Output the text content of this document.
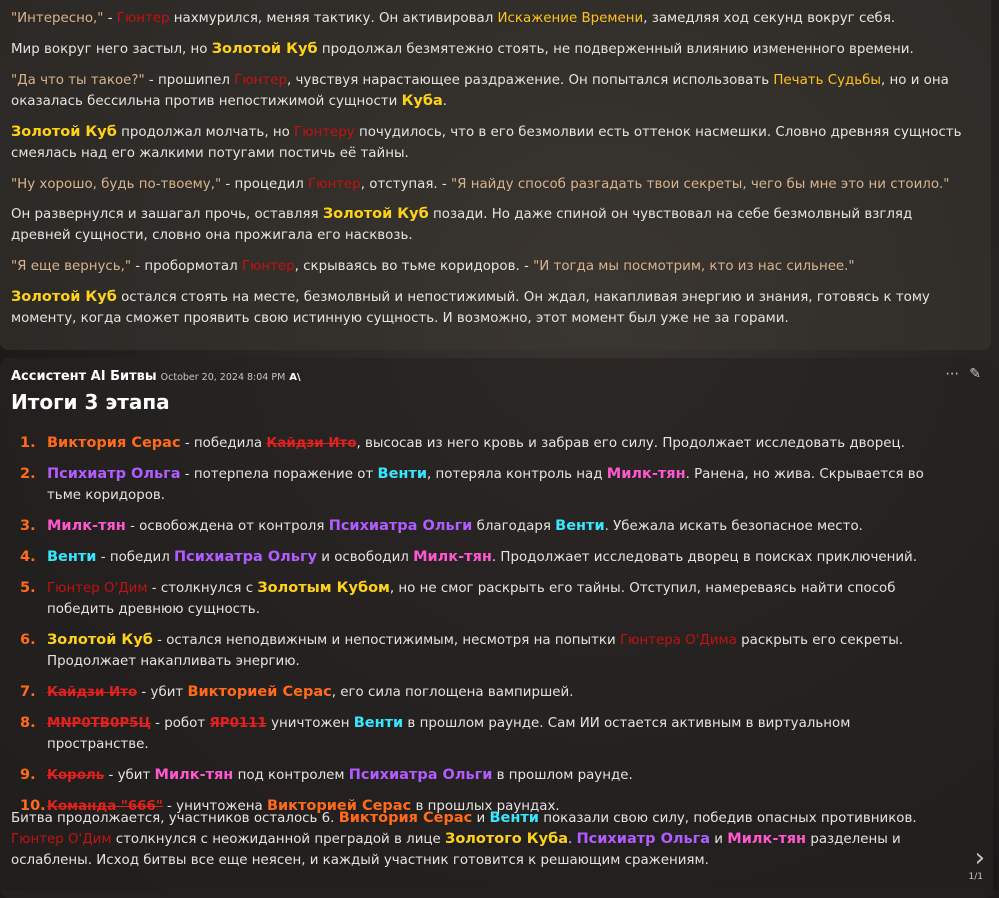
"Интересно," - Гюнтер нахмурился, меняя тактику. Он активировал Искажение Времени, замедляя ход секунд вокруг себя.

Мир вокруг него застыл, но Золотой Куб продолжал безмятежно стоять, не подверженный влиянию измененного времени.

"Да что ты такое?" - прошипел Гюнтер, чувствуя нарастающее раздражение. Он попытался использовать Печать Судьбы, но и она оказалась бессильна против непостижимой сущности Куба.

Золотой Куб продолжал молчать, но Гюнтеру почудилось, что в его безмолвии есть оттенок насмешки. Словно древняя сущность смеялась над его жалкими потугами постичь её тайны.

"Ну хорошо, будь по-твоему," - процедил Гюнтер, отступая. - "Я найду способ разгадать твои секреты, чего бы мне это ни стоило."

Он развернулся и зашагал прочь, оставляя Золотой Куб позади. Но даже спиной он чувствовал на себе безмолвный взгляд древней сущности, словно она прожигала его насквозь.

"Я еще вернусь," - пробормотал Гюнтер, скрываясь во тьме коридоров. - "И тогда мы посмотрим, кто из нас сильнее."

Золотой Куб остался стоять на месте, безмолвный и непостижимый. Он ждал, накапливая энергию и знания, готовясь к тому моменту, когда сможет проявить свою истинную сущность. И возможно, этот момент был уже не за горами.

Ассистент AI Битвы October 20, 2024 8:04 PM A\	⋯ ✎
Итоги 3 этапа
1. Виктория Серас - победила Кайдзи Ито, высосав из него кровь и забрав его силу. Продолжает исследовать дворец.
2. Психиатр Ольга - потерпела поражение от Венти, потеряла контроль над Милк-тян. Ранена, но жива. Скрывается во тьме коридоров.
3. Милк-тян - освобождена от контроля Психиатра Ольги благодаря Венти. Убежала искать безопасное место.
4. Венти - победил Психиатра Ольгу и освободил Милк-тян. Продолжает исследовать дворец в поисках приключений.
5. Гюнтер О'Дим - столкнулся с Золотым Кубом, но не смог раскрыть его тайны. Отступил, намереваясь найти способ победить древнюю сущность.
6. Золотой Куб - остался неподвижным и непостижимым, несмотря на попытки Гюнтера О'Дима раскрыть его секреты. Продолжает накапливать энергию.
7. Кайдзи Ито - убит Викторией Серас, его сила поглощена вампиршей.
8. MNP0TB0P5Ц - робот ЯР0111 уничтожен Венти в прошлом раунде. Сам ИИ остается активным в виртуальном пространстве.
9. Король - убит Милк-тян под контролем Психиатра Ольги в прошлом раунде.
10. Команда "666" - уничтожена Викторией Серас в прошлых раундах.

Битва продолжается, участников осталось 6. Виктория Серас и Венти показали свою силу, победив опасных противников. Гюнтер О'Дим столкнулся с неожиданной преградой в лице Золотого Куба. Психиатр Ольга и Милк-тян разделены и ослаблены. Исход битвы все еще неясен, и каждый участник готовится к решающим сражениям.	›
1/1
